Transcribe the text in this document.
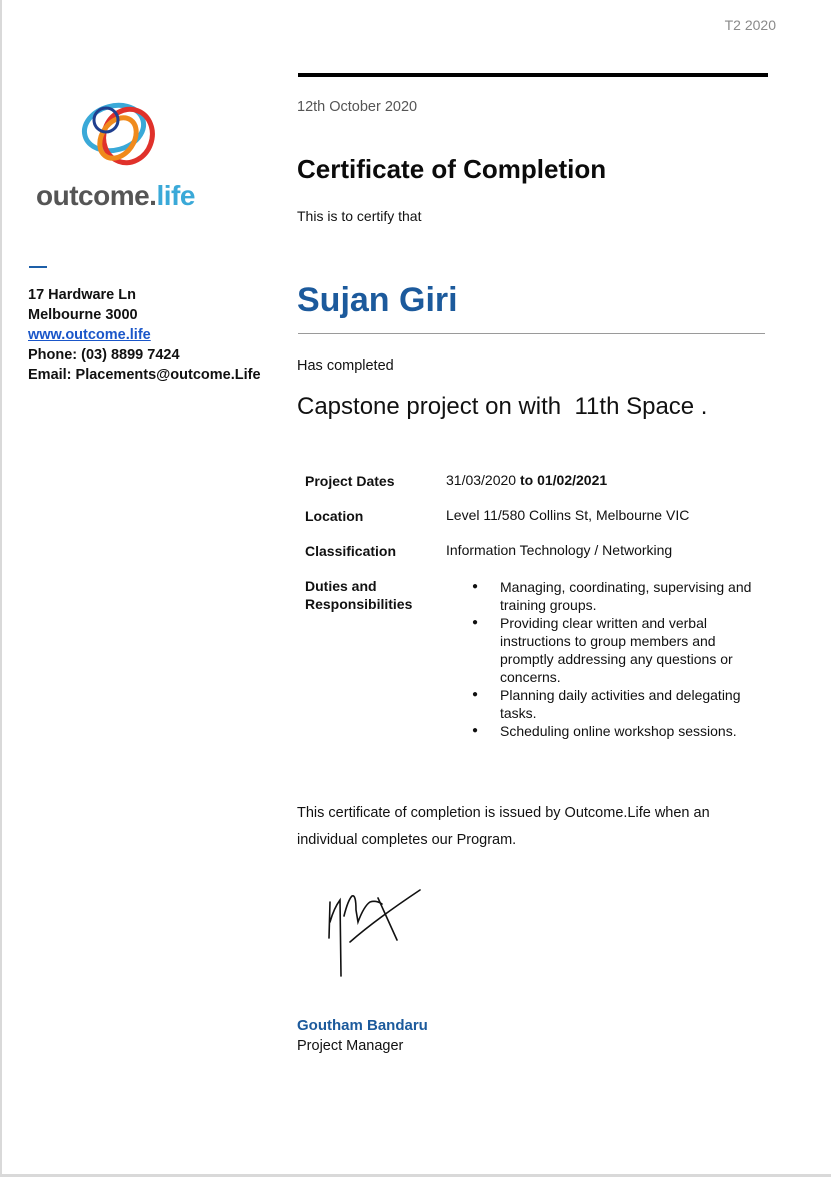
T2 2020
outcome.life
17 Hardware Ln
Melbourne 3000
www.outcome.life
Phone: (03) 8899 7424
Email: Placements@outcome.Life
12th October 2020
Certificate of Completion
This is to certify that
Sujan Giri
Has completed
Capstone project on with  11th Space .
Project Dates	31/03/2020 to 01/02/2021
Location	Level 11/580 Collins St, Melbourne VIC
Classification	Information Technology / Networking
Duties and
Responsibilities
● Managing, coordinating, supervising and training groups.
● Providing clear written and verbal instructions to group members and promptly addressing any questions or concerns.
● Planning daily activities and delegating tasks.
● Scheduling online workshop sessions.
This certificate of completion is issued by Outcome.Life when an individual completes our Program.
Goutham Bandaru
Project Manager
